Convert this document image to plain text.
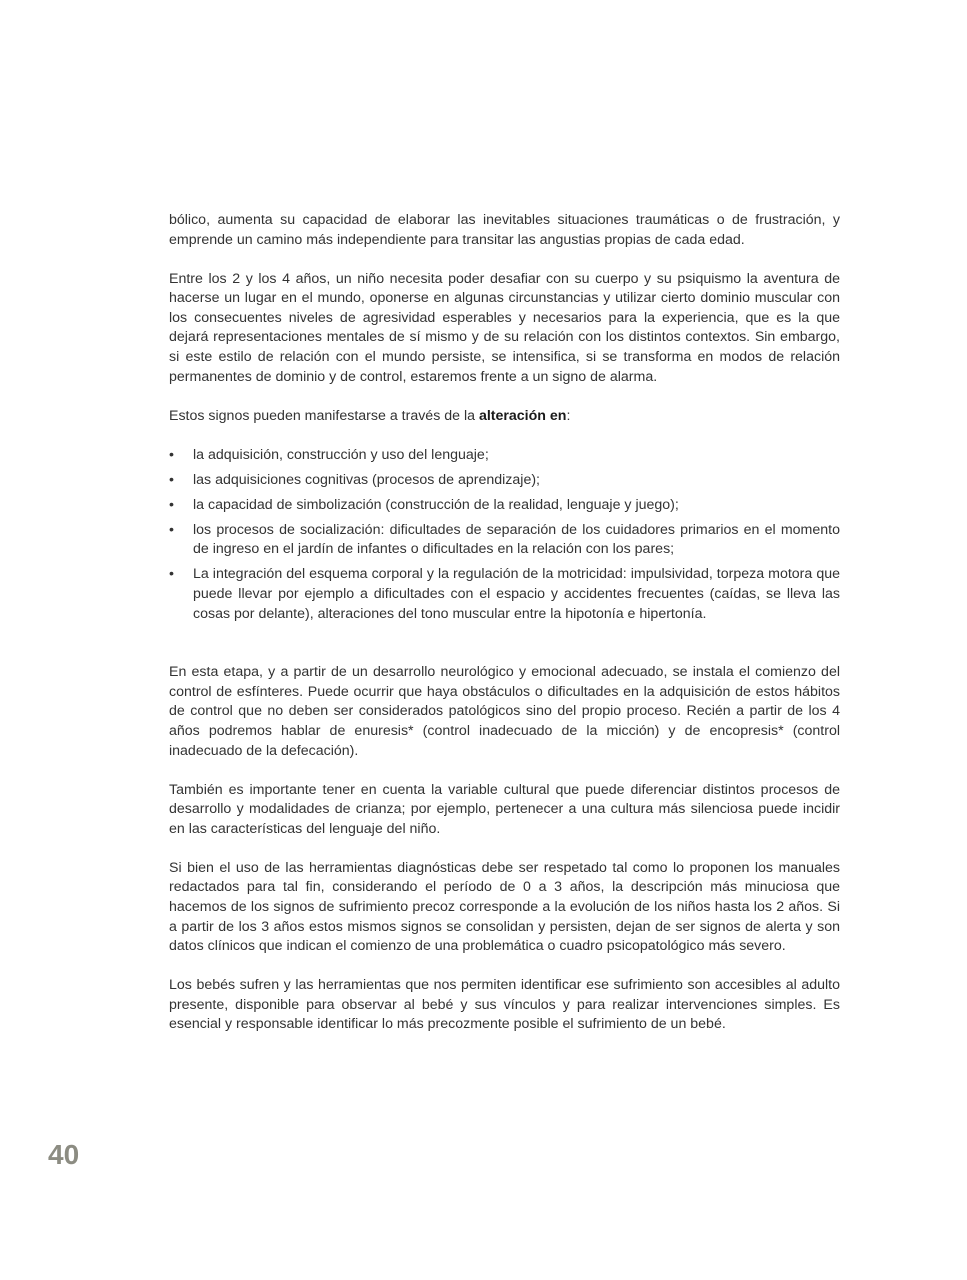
bólico, aumenta su capacidad de elaborar las inevitables situaciones traumáticas o de frustración, y emprende un camino más independiente para transitar las angustias propias de cada edad.

Entre los 2 y los 4 años, un niño necesita poder desafiar con su cuerpo y su psiquismo la aventura de hacerse un lugar en el mundo, oponerse en algunas circunstancias y utilizar cierto dominio muscular con los consecuentes niveles de agresividad esperables y necesarios para la experiencia, que es la que dejará representaciones mentales de sí mismo y de su relación con los distintos contextos. Sin embargo, si este estilo de relación con el mundo persiste, se intensifica, si se transforma en modos de relación permanentes de dominio y de control, estaremos frente a un signo de alarma.

Estos signos pueden manifestarse a través de la alteración en:

•	la adquisición, construcción y uso del lenguaje;
•	las adquisiciones cognitivas (procesos de aprendizaje);
•	la capacidad de simbolización (construcción de la realidad, lenguaje y juego);
•	los procesos de socialización: dificultades de separación de los cuidadores primarios en el momento de ingreso en el jardín de infantes o dificultades en la relación con los pares;
•	La integración del esquema corporal y la regulación de la motricidad: impulsividad, torpeza motora que puede llevar por ejemplo a dificultades con el espacio y accidentes frecuentes (caídas, se lleva las cosas por delante), alteraciones del tono muscular entre la hipotonía e hipertonía.

En esta etapa, y a partir de un desarrollo neurológico y emocional adecuado, se instala el comienzo del control de esfínteres. Puede ocurrir que haya obstáculos o dificultades en la adquisición de estos hábitos de control que no deben ser considerados patológicos sino del propio proceso. Recién a partir de los 4 años podremos hablar de enuresis* (control inadecuado de la micción) y de encopresis* (control inadecuado de la defecación).

También es importante tener en cuenta la variable cultural que puede diferenciar distintos procesos de desarrollo y modalidades de crianza; por ejemplo, pertenecer a una cultura más silenciosa puede incidir en las características del lenguaje del niño.

Si bien el uso de las herramientas diagnósticas debe ser respetado tal como lo proponen los manuales redactados para tal fin, considerando el período de 0 a 3 años, la descripción más minuciosa que hacemos de los signos de sufrimiento precoz corresponde a la evolución de los niños hasta los 2 años. Si a partir de los 3 años estos mismos signos se consolidan y persisten, dejan de ser signos de alerta y son datos clínicos que indican el comienzo de una problemática o cuadro psicopatológico más severo.

Los bebés sufren y las herramientas que nos permiten identificar ese sufrimiento son accesibles al adulto presente, disponible para observar al bebé y sus vínculos y para realizar intervenciones simples. Es esencial y responsable identificar lo más precozmente posible el sufrimiento de un bebé.

40
